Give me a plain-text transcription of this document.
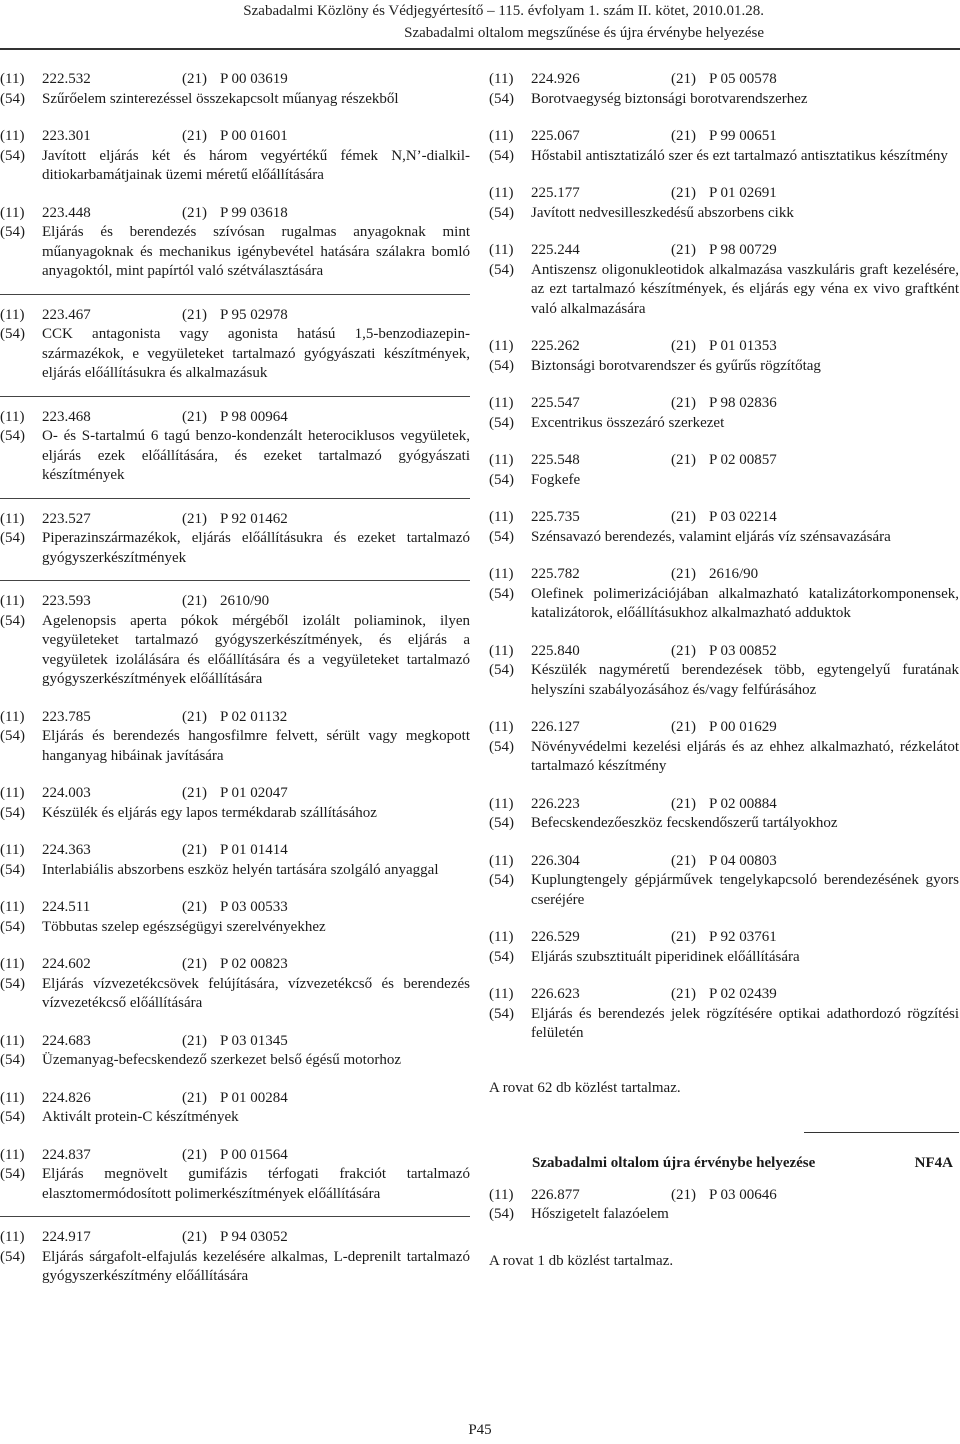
Szabadalmi Közlöny és Védjegyértesítő – 115. évfolyam 1. szám II. kötet, 2010.01.28.
Szabadalmi oltalom megszűnése és újra érvénybe helyezése
(11)	222.532	(21) P 00 03619
(54)	Szűrőelem szinterezéssel összekapcsolt műanyag részekből
(11)	223.301	(21) P 00 01601
(54)	Javított eljárás két és három vegyértékű fémek N,N’-dialkil-ditiokarbamátjainak üzemi méretű előállítására
(11)	223.448	(21) P 99 03618
(54)	Eljárás és berendezés szívósan rugalmas anyagoknak mint műanyagoknak és mechanikus igénybevétel hatására szálakra bomló anyagoktól, mint papírtól való szétválasztására
(11)	223.467	(21) P 95 02978
(54)	CCK antagonista vagy agonista hatású 1,5-benzodiazepin-származékok, e vegyületeket tartalmazó gyógyászati készítmények, eljárás előállításukra és alkalmazásuk
(11)	223.468	(21) P 98 00964
(54)	O- és S-tartalmú 6 tagú benzo-kondenzált heterociklusos vegyületek, eljárás ezek előállítására, és ezeket tartalmazó gyógyászati készítmények
(11)	223.527	(21) P 92 01462
(54)	Piperazinszármazékok, eljárás előállításukra és ezeket tartalmazó gyógyszerkészítmények
(11)	223.593	(21) 2610/90
(54)	Agelenopsis aperta pókok mérgéből izolált poliaminok, ilyen vegyületeket tartalmazó gyógyszerkészítmények, és eljárás a vegyületek izolálására és előállítására és a vegyületeket tartalmazó gyógyszerkészítmények előállítására
(11)	223.785	(21) P 02 01132
(54)	Eljárás és berendezés hangosfilmre felvett, sérült vagy megkopott hanganyag hibáinak javítására
(11)	224.003	(21) P 01 02047
(54)	Készülék és eljárás egy lapos termékdarab szállításához
(11)	224.363	(21) P 01 01414
(54)	Interlabiális abszorbens eszköz helyén tartására szolgáló anyaggal
(11)	224.511	(21) P 03 00533
(54)	Többutas szelep egészségügyi szerelvényekhez
(11)	224.602	(21) P 02 00823
(54)	Eljárás vízvezetékcsövek felújítására, vízvezetékcső és berendezés vízvezetékcső előállítására
(11)	224.683	(21) P 03 01345
(54)	Üzemanyag-befecskendező szerkezet belső égésű motorhoz
(11)	224.826	(21) P 01 00284
(54)	Aktivált protein-C készítmények
(11)	224.837	(21) P 00 01564
(54)	Eljárás megnövelt gumifázis térfogati frakciót tartalmazó elasztomermódosított polimerkészítmények előállítására
(11)	224.917	(21) P 94 03052
(54)	Eljárás sárgafolt-elfajulás kezelésére alkalmas, L-deprenilt tartalmazó gyógyszerkészítmény előállítására
(11)	224.926	(21) P 05 00578
(54)	Borotvaegység biztonsági borotvarendszerhez
(11)	225.067	(21) P 99 00651
(54)	Hőstabil antisztatizáló szer és ezt tartalmazó antisztatikus készítmény
(11)	225.177	(21) P 01 02691
(54)	Javított nedvesilleszkedésű abszorbens cikk
(11)	225.244	(21) P 98 00729
(54)	Antiszensz oligonukleotidok alkalmazása vaszkuláris graft kezelésére, az ezt tartalmazó készítmények, és eljárás egy véna ex vivo graftként való alkalmazására
(11)	225.262	(21) P 01 01353
(54)	Biztonsági borotvarendszer és gyűrűs rögzítőtag
(11)	225.547	(21) P 98 02836
(54)	Excentrikus összezáró szerkezet
(11)	225.548	(21) P 02 00857
(54)	Fogkefe
(11)	225.735	(21) P 03 02214
(54)	Szénsavazó berendezés, valamint eljárás víz szénsavazására
(11)	225.782	(21) 2616/90
(54)	Olefinek polimerizációjában alkalmazható katalizátorkomponensek, katalizátorok, előállításukhoz alkalmazható adduktok
(11)	225.840	(21) P 03 00852
(54)	Készülék nagyméretű berendezések több, egytengelyű furatának helyszíni szabályozásához és/vagy felfúrásához
(11)	226.127	(21) P 00 01629
(54)	Növényvédelmi kezelési eljárás és az ehhez alkalmazható, rézkelátot tartalmazó készítmény
(11)	226.223	(21) P 02 00884
(54)	Befecskendezőeszköz fecskendőszerű tartályokhoz
(11)	226.304	(21) P 04 00803
(54)	Kuplungtengely gépjárművek tengelykapcsoló berendezésének gyors cseréjére
(11)	226.529	(21) P 92 03761
(54)	Eljárás szubsztituált piperidinek előállítására
(11)	226.623	(21) P 02 02439
(54)	Eljárás és berendezés jelek rögzítésére optikai adathordozó rögzítési felületén
A rovat 62 db közlést tartalmaz.
Szabadalmi oltalom újra érvénybe helyezése	NF4A
(11)	226.877	(21) P 03 00646
(54)	Hőszigetelt falazóelem
A rovat 1 db közlést tartalmaz.
P45
